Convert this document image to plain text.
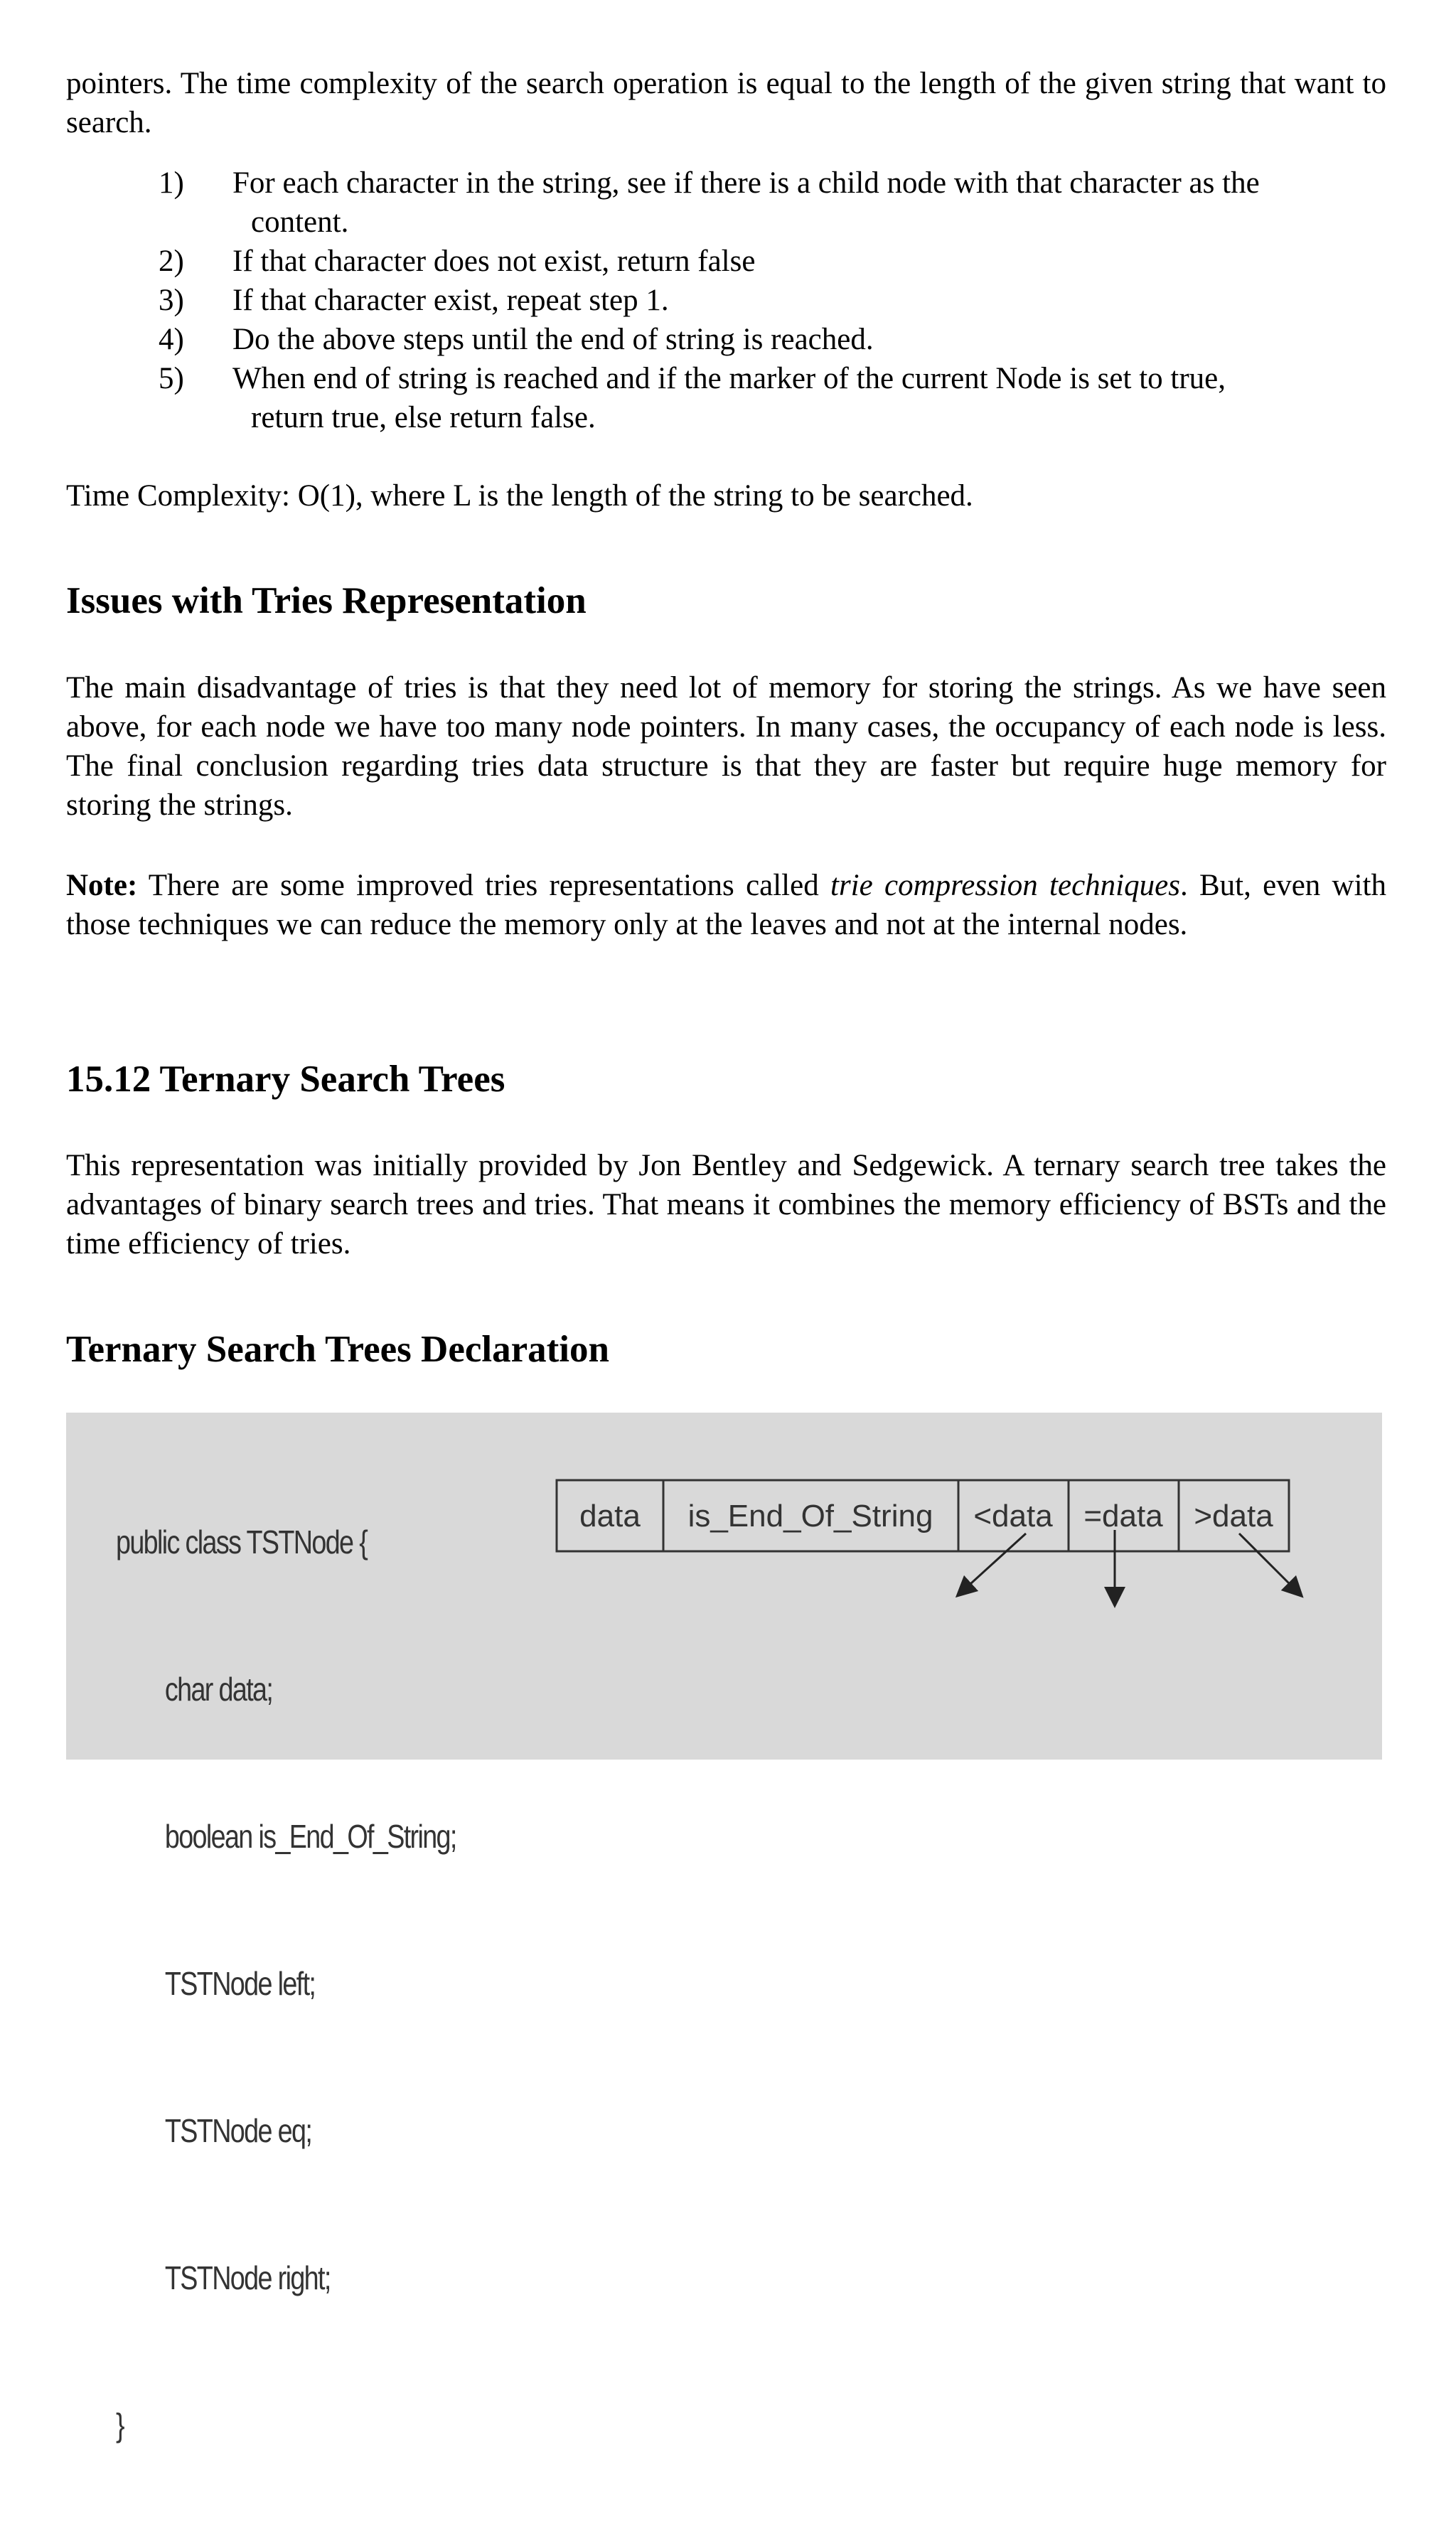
pointers. The time complexity of the search operation is equal to the length of the given string that want to search.

1) For each character in the string, see if there is a child node with that character as the
content.
2) If that character does not exist, return false
3) If that character exist, repeat step 1.
4) Do the above steps until the end of string is reached.
5) When end of string is reached and if the marker of the current Node is set to true,
return true, else return false.

Time Complexity: O(1), where L is the length of the string to be searched.

Issues with Tries Representation

The main disadvantage of tries is that they need lot of memory for storing the strings. As we have seen above, for each node we have too many node pointers. In many cases, the occupancy of each node is less. The final conclusion regarding tries data structure is that they are faster but require huge memory for storing the strings.

Note: There are some improved tries representations called trie compression techniques. But, even with those techniques we can reduce the memory only at the leaves and not at the internal nodes.

15.12 Ternary Search Trees

This representation was initially provided by Jon Bentley and Sedgewick. A ternary search tree takes the advantages of binary search trees and tries. That means it combines the memory efficiency of BSTs and the time efficiency of tries.

Ternary Search Trees Declaration

public class TSTNode {

char data;

boolean is_End_Of_String;

TSTNode left;

TSTNode eq;

TSTNode right;

}

data is_End_Of_String <data =data >data
